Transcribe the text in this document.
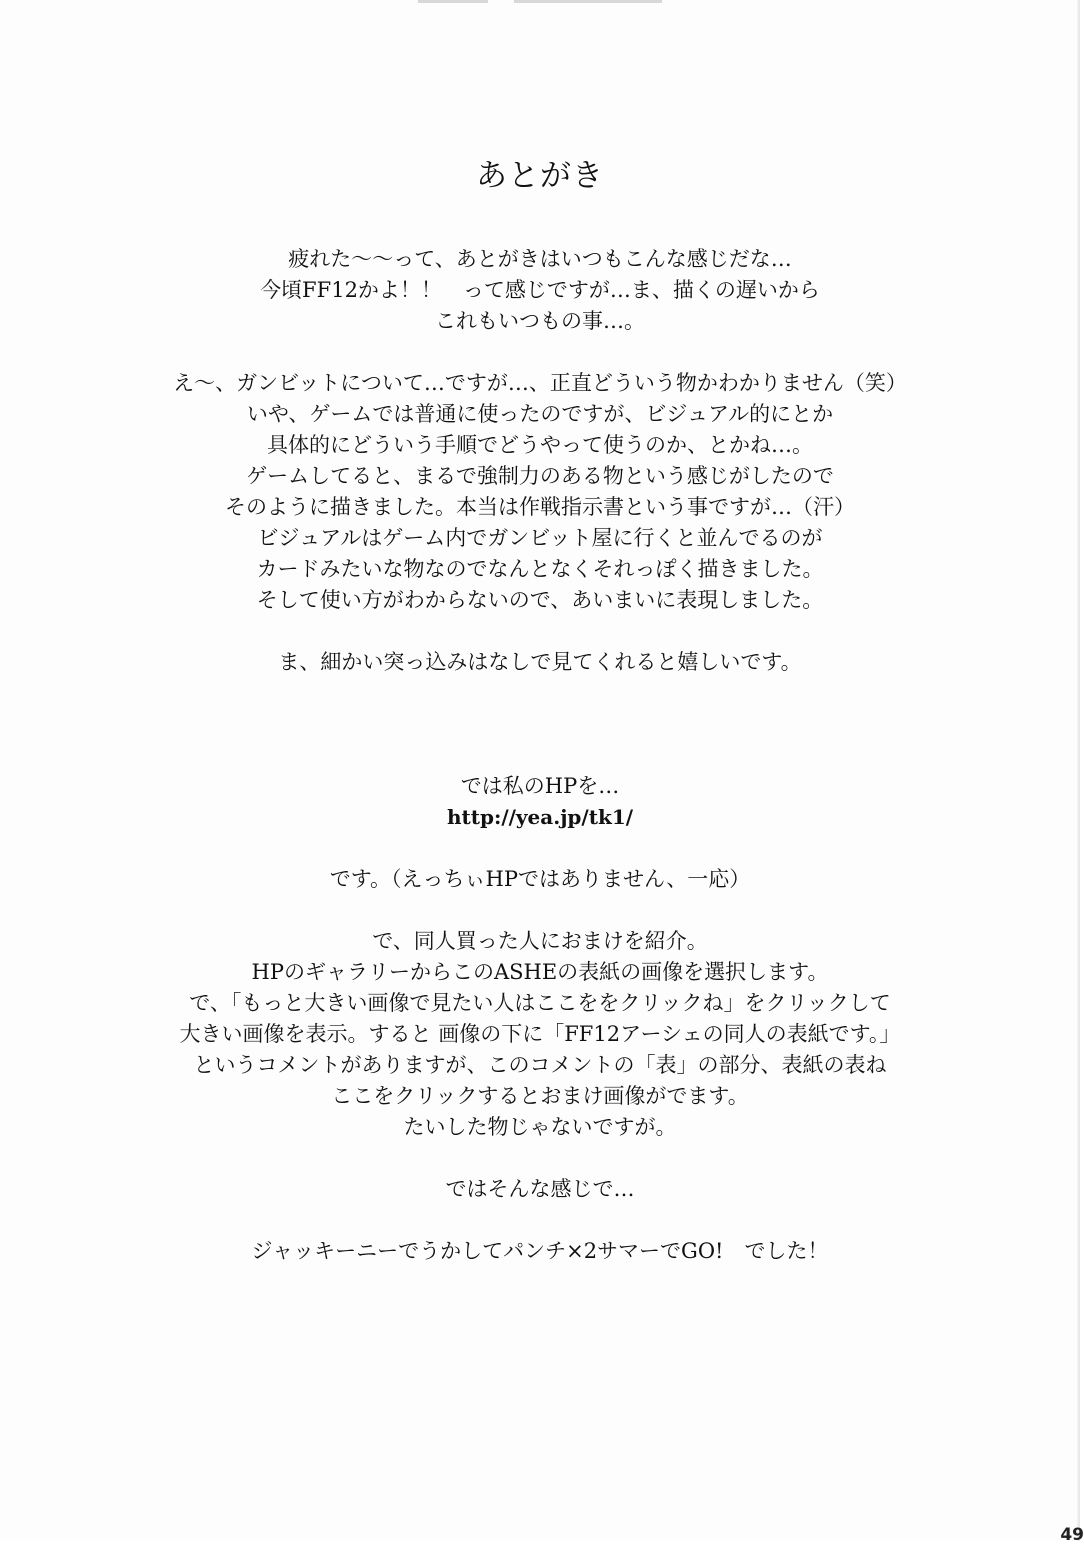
あとがき
疲れた〜〜って、あとがきはいつもこんな感じだな…
今頃FF12かよ！！　って感じですが…ま、描くの遅いから
これもいつもの事…。
え〜、ガンビットについて…ですが…、正直どういう物かわかりません（笑）
いや、ゲームでは普通に使ったのですが、ビジュアル的にとか
具体的にどういう手順でどうやって使うのか、とかね…。
ゲームしてると、まるで強制力のある物という感じがしたので
そのように描きました。本当は作戦指示書という事ですが…（汗）
ビジュアルはゲーム内でガンビット屋に行くと並んでるのが
カードみたいな物なのでなんとなくそれっぽく描きました。
そして使い方がわからないので、あいまいに表現しました。
ま、細かい突っ込みはなしで見てくれると嬉しいです。
では私のHPを…
http://yea.jp/tk1/
です。（えっちぃHPではありません、一応）
で、同人買った人におまけを紹介。
HPのギャラリーからこのASHEの表紙の画像を選択します。
で、「もっと大きい画像で見たい人はここををクリックね」をクリックして
大きい画像を表示。すると 画像の下に「FF12アーシェの同人の表紙です。」
というコメントがありますが、このコメントの「表」の部分、表紙の表ね
ここをクリックするとおまけ画像がでます。
たいした物じゃないですが。
ではそんな感じで…
ジャッキーニーでうかしてパンチ×2サマーでGO!　でした！
49
